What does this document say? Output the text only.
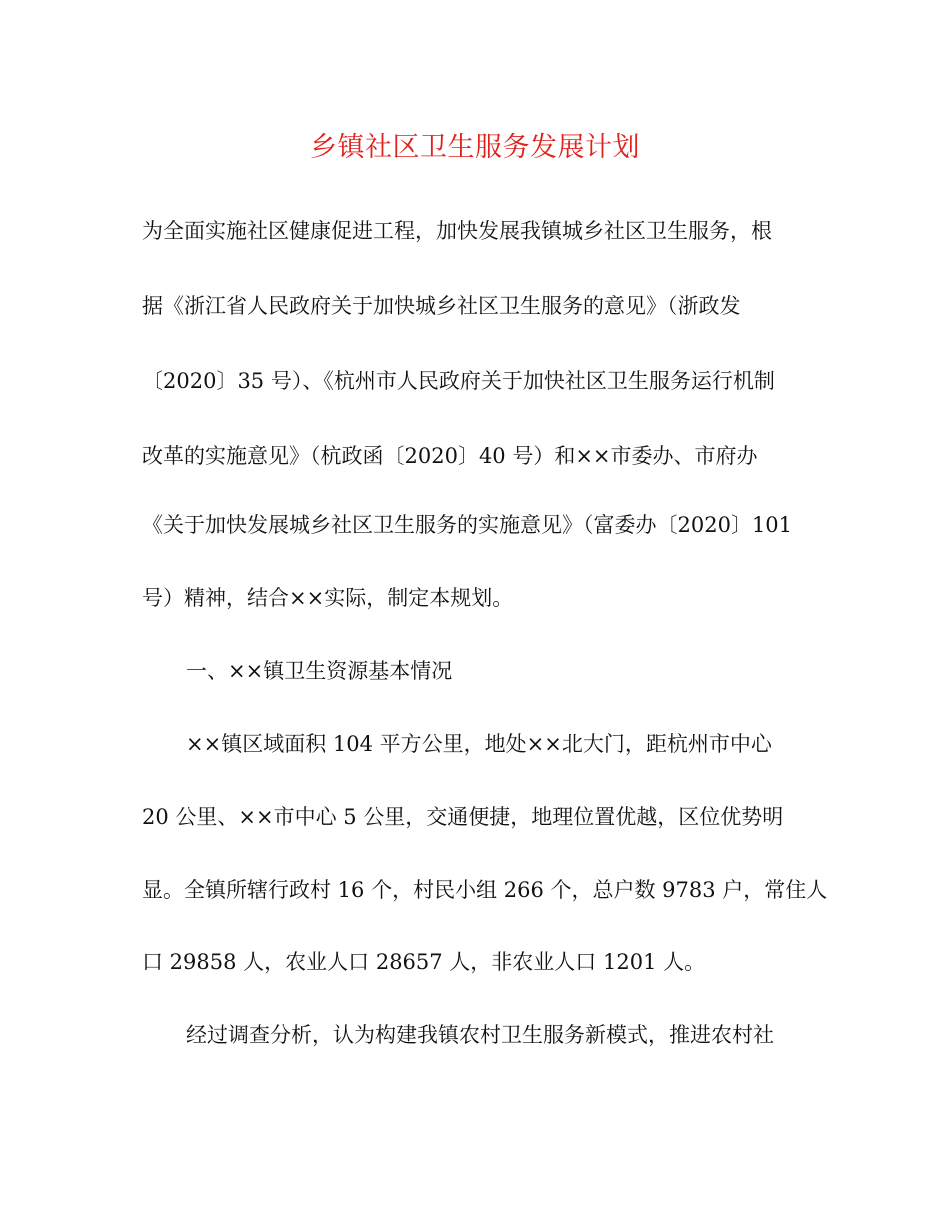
乡镇社区卫生服务发展计划
为全面实施社区健康促进工程，加快发展我镇城乡社区卫生服务，根
据《浙江省人民政府关于加快城乡社区卫生服务的意见》（浙政发
〔2020〕35 号）、《杭州市人民政府关于加快社区卫生服务运行机制
改革的实施意见》（杭政函〔2020〕40 号）和××市委办、市府办
《关于加快发展城乡社区卫生服务的实施意见》（富委办〔2020〕101
号）精神，结合××实际，制定本规划。
一、××镇卫生资源基本情况
××镇区域面积 104 平方公里，地处××北大门，距杭州市中心
20 公里、××市中心 5 公里，交通便捷，地理位置优越，区位优势明
显。全镇所辖行政村 16 个，村民小组 266 个，总户数 9783 户，常住人
口 29858 人，农业人口 28657 人，非农业人口 1201 人。
经过调查分析，认为构建我镇农村卫生服务新模式，推进农村社
